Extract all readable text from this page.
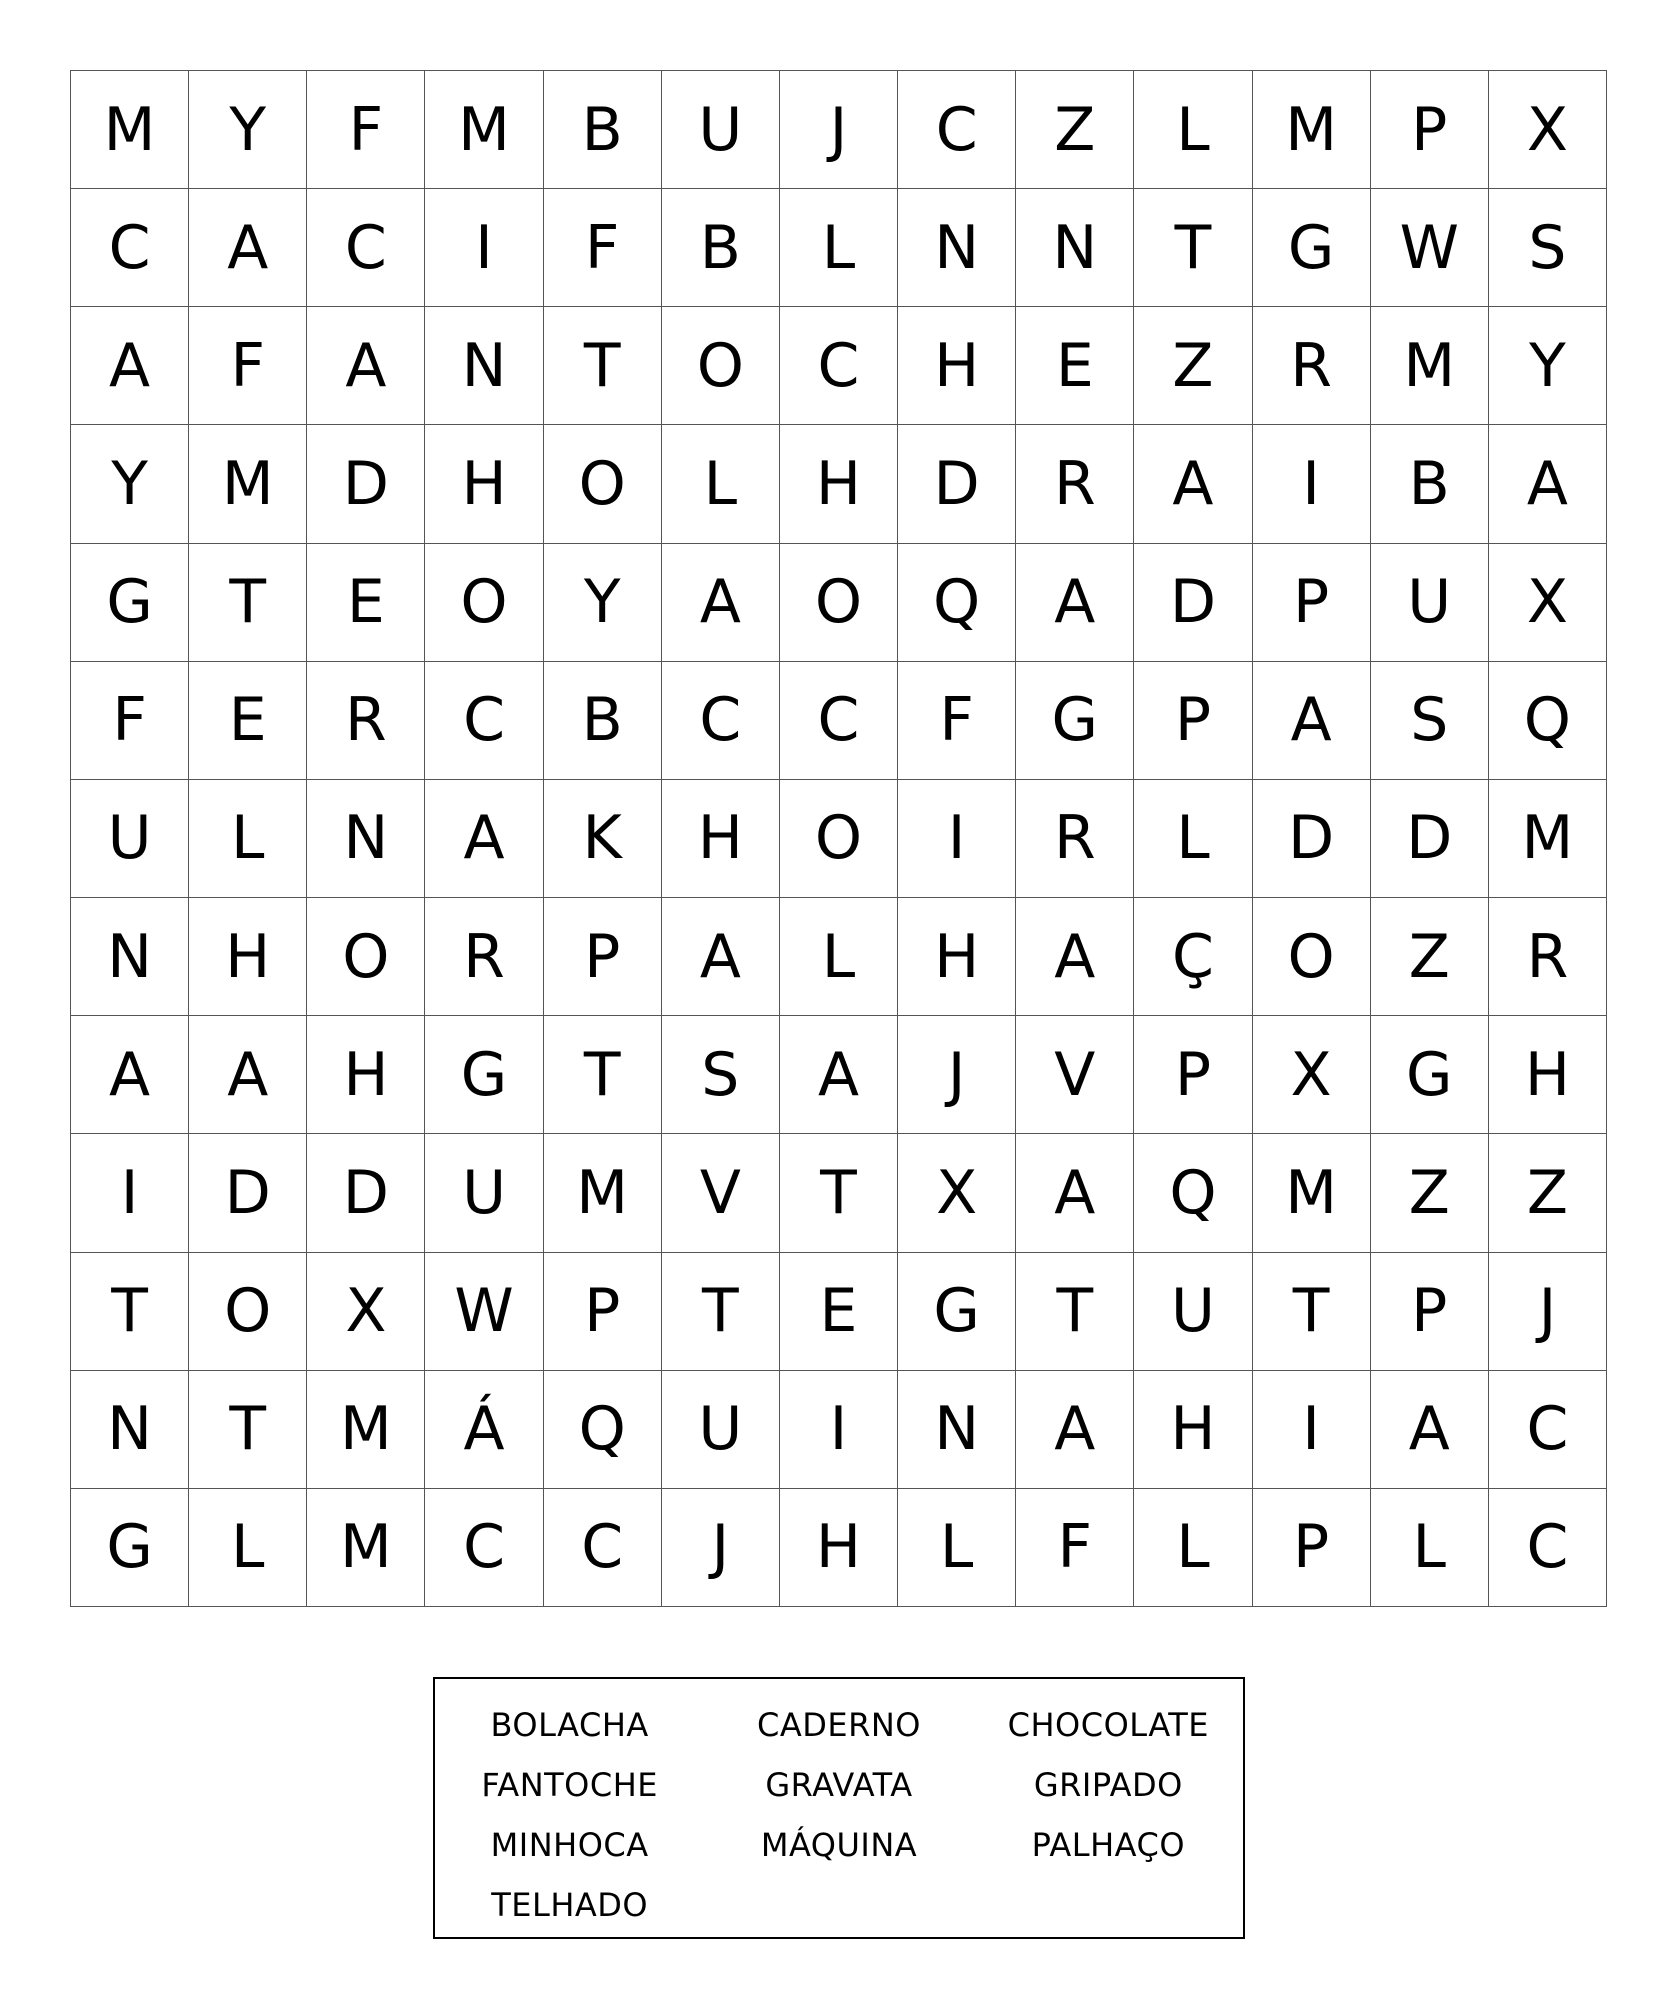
M	Y	F	M	B	U	J	C	Z	L	M	P	X
C	A	C	I	F	B	L	N	N	T	G	W	S
A	F	A	N	T	O	C	H	E	Z	R	M	Y
Y	M	D	H	O	L	H	D	R	A	I	B	A
G	T	E	O	Y	A	O	Q	A	D	P	U	X
F	E	R	C	B	C	C	F	G	P	A	S	Q
U	L	N	A	K	H	O	I	R	L	D	D	M
N	H	O	R	P	A	L	H	A	Ç	O	Z	R
A	A	H	G	T	S	A	J	V	P	X	G	H
I	D	D	U	M	V	T	X	A	Q	M	Z	Z
T	O	X	W	P	T	E	G	T	U	T	P	J
N	T	M	Á	Q	U	I	N	A	H	I	A	C
G	L	M	C	C	J	H	L	F	L	P	L	C
BOLACHA	CADERNO	CHOCOLATE
FANTOCHE	GRAVATA	GRIPADO
MINHOCA	MÁQUINA	PALHAÇO
TELHADO
